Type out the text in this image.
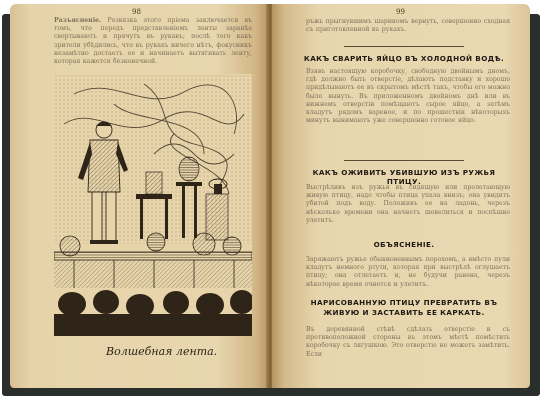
98
Разъясненіе. Розвязка этого пріема заключается въ томъ, что передъ представленіемъ ленты заранѣе свертываютъ и прячутъ въ рукавъ; послѣ того какъ зрители убѣдились, что въ рукахъ ничего нѣтъ, фокусникъ незамѣтно достаетъ ее и начинаетъ вытягивать ленту, которая кажется безконечной.
Волшебная лента.
99
ръжь прыгнувшимъ шарикомъ вернуть, совершенно сходная съ приготовленной въ рукахъ.
КАКЪ СВАРИТЬ ЯЙЦО ВЪ ХОЛОДНОЙ ВОДѢ.
Взявъ настоящую коробочку, свободную двойнымъ дномъ, гдѣ должно быть отверстіе, дѣлаютъ подставку и хорошо придѣлываютъ ее въ скрытомъ мѣстѣ такъ, чтобы его можно было вынуть. Въ приложенномъ двойномъ днѣ или въ нижнемъ отверстіи помѣщаютъ сырое яйцо, а затѣмъ кладутъ рядомъ вареное, и по прошествіи нѣкоторыхъ минутъ вынимаютъ уже совершенно готовое яйцо.
КАКЪ ОЖИВИТЬ УБИВШУЮ ИЗЪ РУЖЬЯ ПТИЦУ.
Выстрѣливъ изъ ружья въ сидящую или пролетающую живую птицу, надо чтобы птица упала внизъ; она увидитъ убитой подъ воду. Положивъ ее на ладонь, черезъ нѣсколько времени она начнетъ шевелиться и поспѣшно улетитъ.
ОБЪЯСНЕНІЕ.
Заряжаютъ ружье обыкновеннымъ порохомъ, а вмѣсто пули кладутъ немного ртути, которая при выстрѣлѣ оглушаетъ птицу; она отлетаетъ и, не будучи ранена, черезъ нѣкоторое время очнется и улетитъ.
НАРИСОВАННУЮ ПТИЦУ ПРЕВРАТИТЬ ВЪ ЖИВУЮ И ЗАСТАВИТЬ ЕЕ КАРКАТЬ.
Въ деревянной стѣнѣ сдѣлать отверстіе и съ противоположной стороны въ этомъ мѣстѣ помѣстить коробочку съ лягушкою. Это отверстіе не можетъ замѣтить. Если
